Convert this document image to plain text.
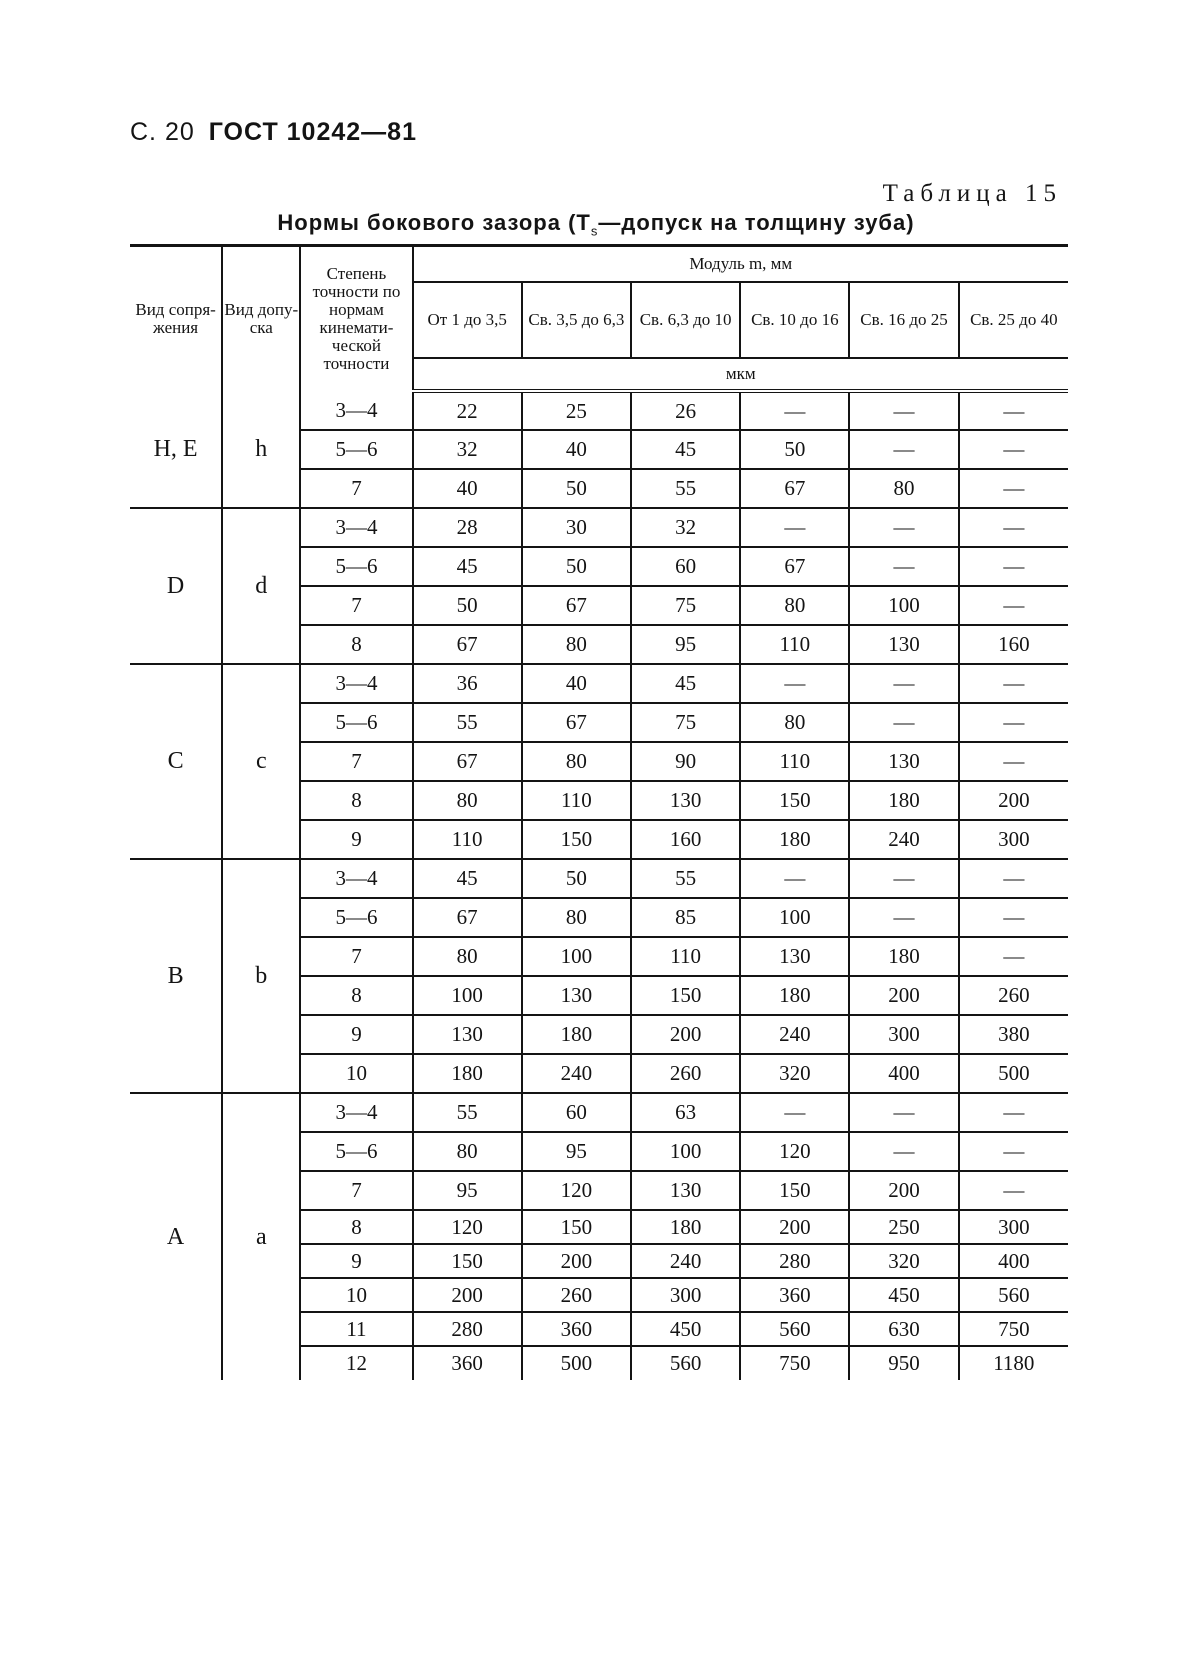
С. 20 ГОСТ 10242—81
Таблица 15
Нормы бокового зазора ($T_s—допуск$ на толщину зуба)
Вид сопря- жения	Вид допу- ска	Степень точности по нормам кинемати- ческой точности	Модуль m, мм					
			От 1 до 3,5	Св. 3,5 до 6,3	Св. 6,3 до 10	Св. 10 до 16	Св. 16 до 25	Св. 25 до 40
			мкм					
H, E	h	3—4	22	25	26	—	—	—
		5—6	32	40	45	50	—	—
		7	40	50	55	67	80	—
D	d	3—4	28	30	32	—	—	—
		5—6	45	50	60	67	—	—
		7	50	67	75	80	100	—
		8	67	80	95	110	130	160
C	c	3—4	36	40	45	—	—	—
		5—6	55	67	75	80	—	—
		7	67	80	90	110	130	—
		8	80	110	130	150	180	200
		9	110	150	160	180	240	300
B	b	3—4	45	50	55	—	—	—
		5—6	67	80	85	100	—	—
		7	80	100	110	130	180	—
		8	100	130	150	180	200	260
		9	130	180	200	240	300	380
		10	180	240	260	320	400	500
A	a	3—4	55	60	63	—	—	—
		5—6	80	95	100	120	—	—
		7	95	120	130	150	200	—
		8	120	150	180	200	250	300
		9	150	200	240	280	320	400
		10	200	260	300	360	450	560
		11	280	360	450	560	630	750
		12	360	500	560	750	950	1180
